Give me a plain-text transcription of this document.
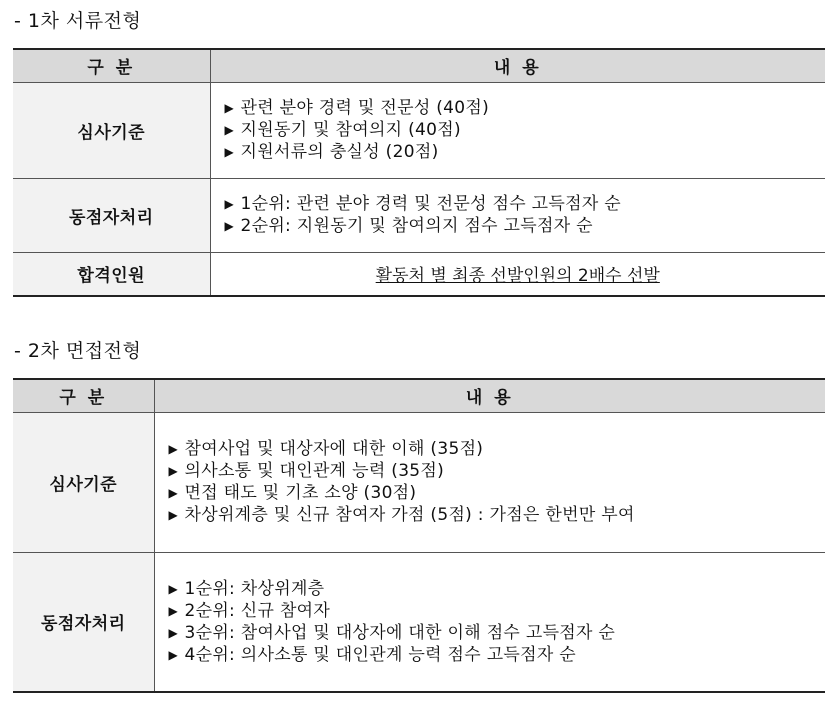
- 1차 서류전형
구 분	내 용
심사기준	▶ 관련 분야 경력 및 전문성 (40점)
▶ 지원동기 및 참여의지 (40점)
▶ 지원서류의 충실성 (20점)

동점자처리	▶ 1순위: 관련 분야 경력 및 전문성 점수 고득점자 순
▶ 2순위: 지원동기 및 참여의지 점수 고득점자 순

합격인원	활동처 별 최종 선발인원의 2배수 선발
- 2차 면접전형
구 분	내 용
심사기준	▶ 참여사업 및 대상자에 대한 이해 (35점)
▶ 의사소통 및 대인관계 능력 (35점)
▶ 면접 태도 및 기초 소양 (30점)
▶ 차상위계층 및 신규 참여자 가점 (5점) : 가점은 한번만 부여

동점자처리	▶ 1순위: 차상위계층
▶ 2순위: 신규 참여자
▶ 3순위: 참여사업 및 대상자에 대한 이해 점수 고득점자 순
▶ 4순위: 의사소통 및 대인관계 능력 점수 고득점자 순
